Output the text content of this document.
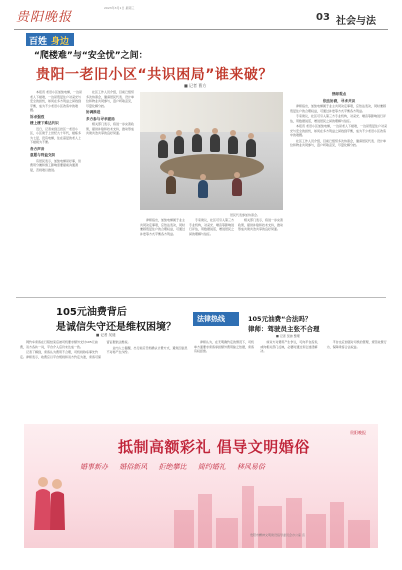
贵阳晚报
2023年3月1日 星期三
03 社会与法
百姓 身边
“爬楼难”与“安全忧”之间：
贵阳一老旧小区“共识困局”谁来破？
■ 记者 曹方

本报讯 老旧小区加装电梯，一边是老人下楼难，一边是低层住户对采光与安全的担忧，如何在多方利益之间找到平衡，成为不少老旧小区改造中的难题。

诉求强烈

楼上楼下难达共识

近日，记者来到云岩区一老旧小区，小区建于上世纪九十年代，楼栋多为七层，没有电梯，住在高层的老人上下楼极为不便。

各方声音

意愿与利益交织

有居民表示，加装电梯是好事，但费用分摊和施工影响需要提前沟通清楚，否则难以推进。

社区工作人员介绍，目前已组织多次协商会，邀请居民代表、设计单位和物业共同参与，逐户听取意见，尽量化解分歧。

协调推进

多方参与寻求破局

相关部门表示，将进一步完善政策，提供补贴和技术支持，推动形成共建共治共享的良好局面。

居民代表参加协商会。

律师指出，加装电梯属于业主共同决定事项，应依法表决，同时兼顾低层住户的合理权益，可通过补偿等方式平衡各方利益。

专家建议，社区可引入第三方专业机构，对采光、噪音等影响进行评估，用数据说话，增进居民之间的理解与信任。

相关部门表示，将进一步完善政策，提供补贴和技术支持，推动形成共建共治共享的良好局面。

律师观点

依法协商，寻求共识

律师指出，加装电梯属于业主共同决定事项，应依法表决，同时兼顾低层住户的合理权益，可通过补偿等方式平衡各方利益。

专家建议，社区可引入第三方专业机构，对采光、噪音等影响进行评估，用数据说话，增进居民之间的理解与信任。

本报讯 老旧小区加装电梯，一边是老人下楼难，一边是低层住户对采光与安全的担忧，如何在多方利益之间找到平衡，成为不少老旧小区改造中的难题。

社区工作人员介绍，目前已组织多次协商会，邀请居民代表、设计单位和物业共同参与，逐户听取意见，尽量化解分歧。

105元油费背后
是诚信失守还是维权困境？
■ 记者 吴迪

网约车乘客在行程结束后被司机要求额外支付105元油费，双方各执一词，平台介入后仍未达成一致。

记者了解到，乘客认为费用不合理，司机则称系事先约定。律师表示，收费应以平台规则和双方约定为准，乘客可保留证据依法维权。

业内人士提醒，出行前应仔细确认计费方式，避免因信息不对称产生纠纷。

法律热线	105元油费“合法吗？
律师：驾驶员主张不合理
■ 记者 吴迪 整理

律师认为，在无明确约定的情况下，司机单方面要求乘客承担额外费用缺乏依据，乘客有权拒绝。

如双方对费用产生争议，可向平台投诉，或向相关部门反映，必要时通过诉讼途径解决。

平台也应加强对司机的管理，规范收费行为，保障乘客合法权益。

抵制高额彩礼 倡导文明婚俗
婚事新办 婚俗新风 拒绝攀比 简约婚礼 移风易俗
贵阳晚报
贵阳市精神文明建设指导委员会办公室 宣
